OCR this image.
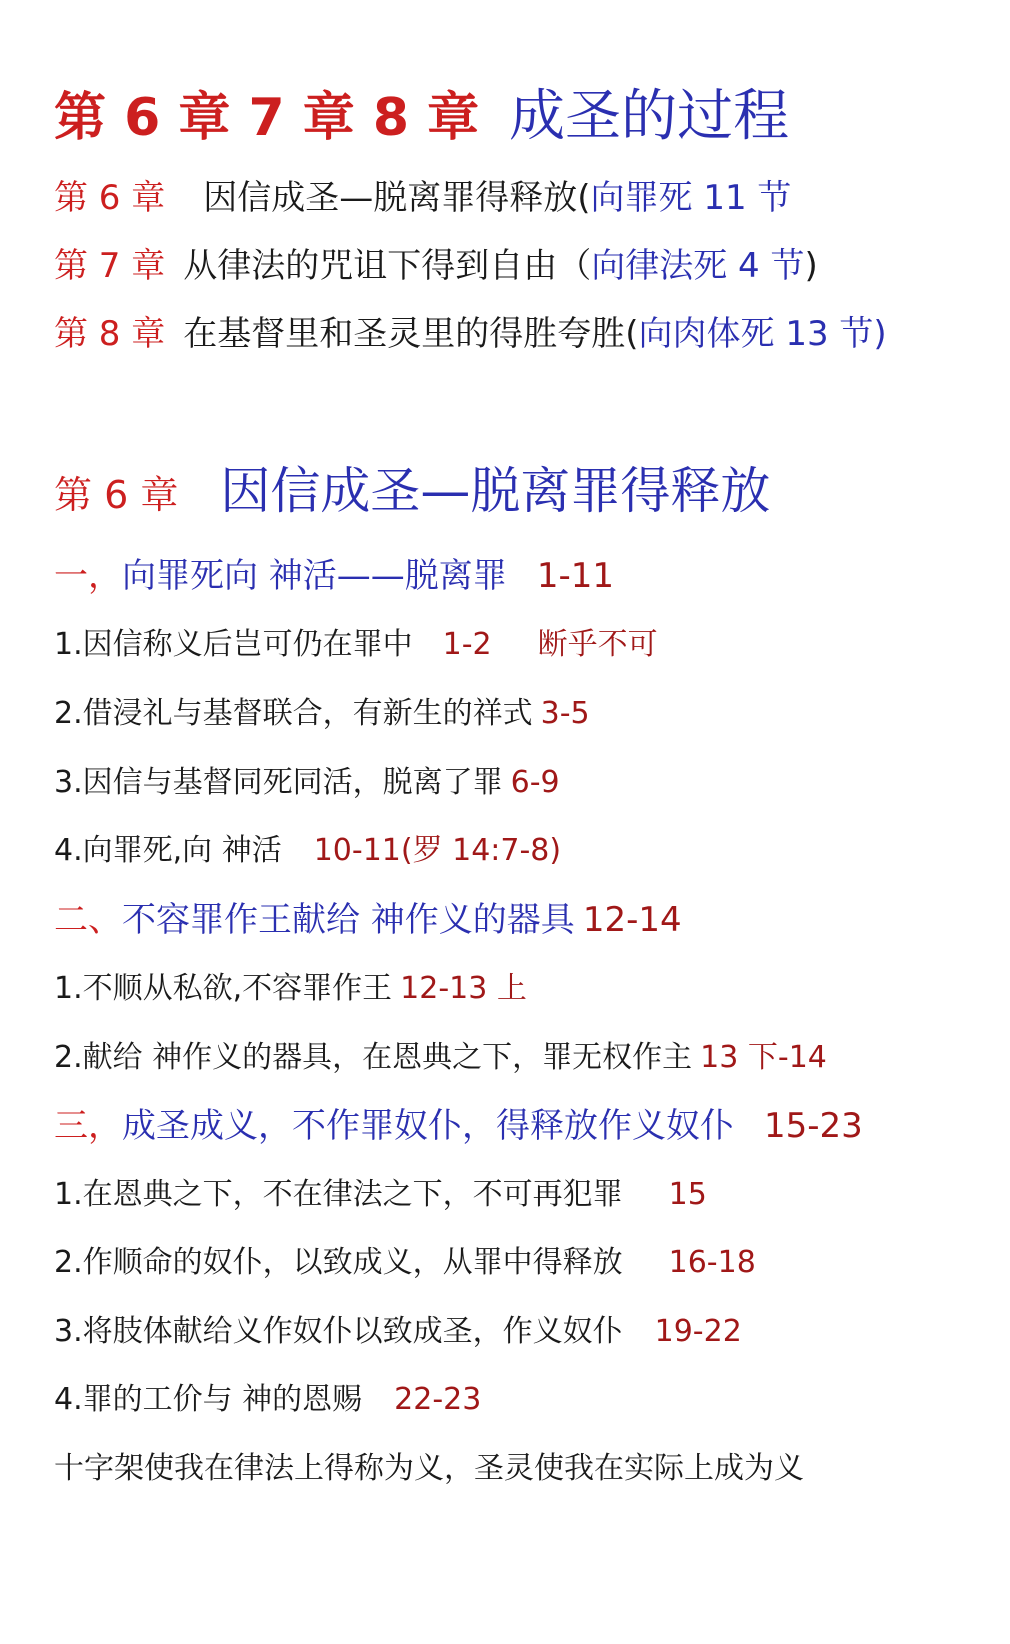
第 6 章 7 章 8 章 成圣的过程
第 6 章 因信成圣—脱离罪得释放(向罪死 11 节
第 7 章 从律法的咒诅下得到自由（向律法死 4 节)
第 8 章 在基督里和圣灵里的得胜夸胜(向肉体死 13 节)
第 6 章 因信成圣—脱离罪得释放
一，向罪死向 神活——脱离罪 1-11
1.因信称义后岂可仍在罪中 1-2 断乎不可
2.借浸礼与基督联合，有新生的祥式 3-5
3.因信与基督同死同活，脱离了罪 6-9
4.向罪死,向 神活 10-11(罗 14:7-8)
二、不容罪作王献给 神作义的器具 12-14
1.不顺从私欲,不容罪作王 12-13 上
2.献给 神作义的器具，在恩典之下，罪无权作主 13 下-14
三，成圣成义，不作罪奴仆，得释放作义奴仆 15-23
1.在恩典之下，不在律法之下，不可再犯罪 15
2.作顺命的奴仆，以致成义，从罪中得释放 16-18
3.将肢体献给义作奴仆以致成圣，作义奴仆 19-22
4.罪的工价与 神的恩赐 22-23
十字架使我在律法上得称为义，圣灵使我在实际上成为义
